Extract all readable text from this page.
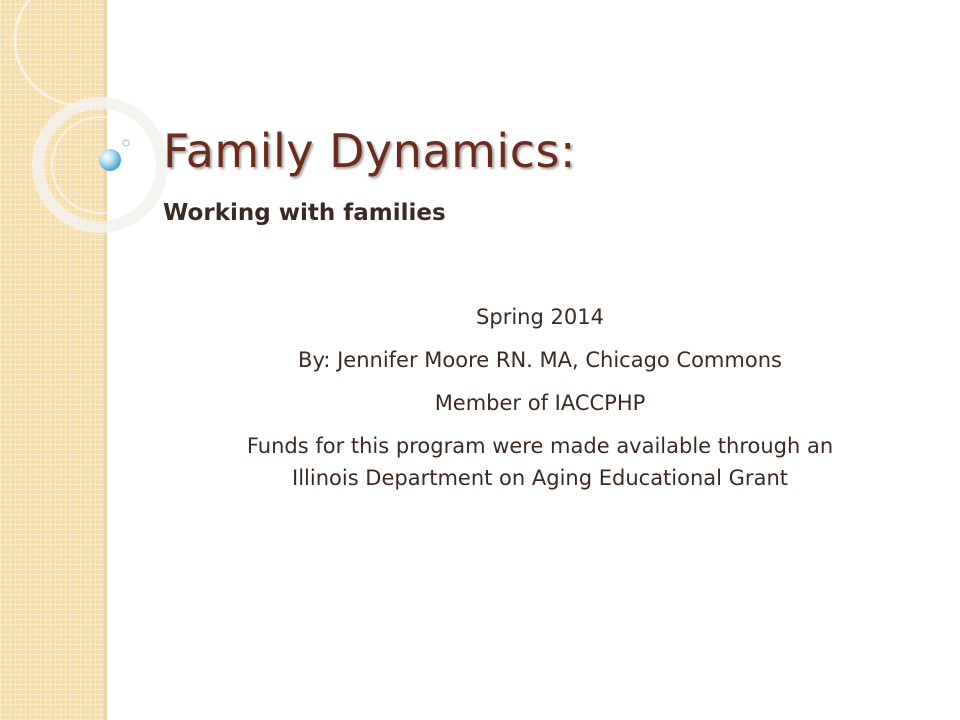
Family Dynamics:
Working with families

Spring 2014

By: Jennifer Moore RN. MA, Chicago Commons

Member of IACCPHP

Funds for this program were made available through an

Illinois Department on Aging Educational Grant
